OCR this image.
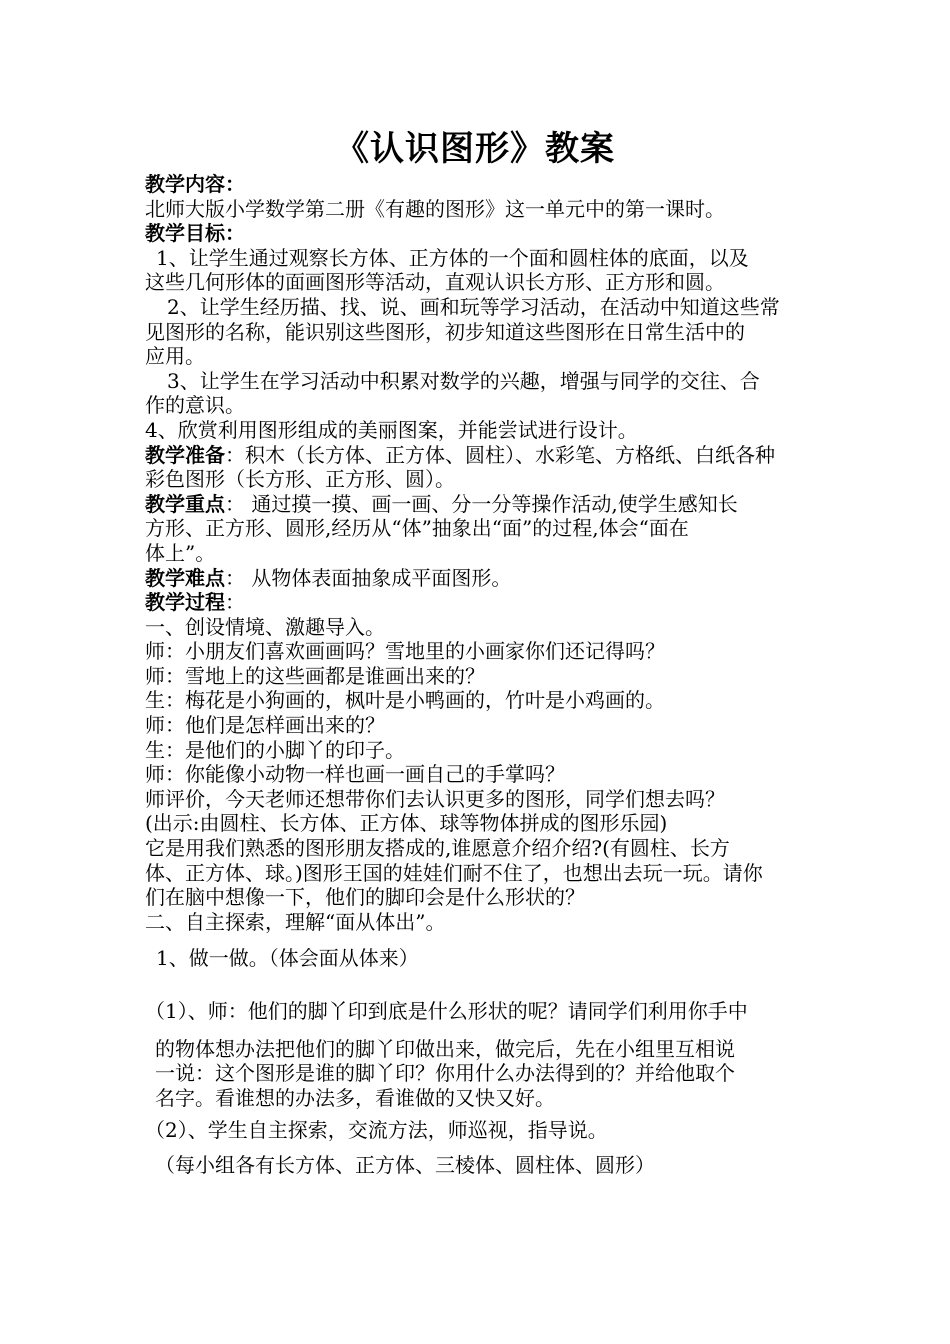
《认识图形》教案

教学内容：

北师大版小学数学第二册《有趣的图形》这一单元中的第一课时。

教学目标：

1、让学生通过观察长方体、正方体的一个面和圆柱体的底面，以及

这些几何形体的面画图形等活动，直观认识长方形、正方形和圆。

2、让学生经历描、找、说、画和玩等学习活动，在活动中知道这些常

见图形的名称，能识别这些图形，初步知道这些图形在日常生活中的

应用。

3、让学生在学习活动中积累对数学的兴趣，增强与同学的交往、合

作的意识。

4、欣赏利用图形组成的美丽图案，并能尝试进行设计。

教学准备：积木（长方体、正方体、圆柱）、水彩笔、方格纸、白纸各种

彩色图形（长方形、正方形、圆）。

教学重点： 通过摸一摸、画一画、分一分等操作活动,使学生感知长

方形、正方形、圆形,经历从“体”抽象出“面”的过程,体会“面在

体上”。

教学难点： 从物体表面抽象成平面图形。

教学过程：

一、创设情境、激趣导入。

师：小朋友们喜欢画画吗？雪地里的小画家你们还记得吗？

师：雪地上的这些画都是谁画出来的？

生：梅花是小狗画的，枫叶是小鸭画的，竹叶是小鸡画的。

师：他们是怎样画出来的？

生：是他们的小脚丫的印子。

师：你能像小动物一样也画一画自己的手掌吗？

师评价，今天老师还想带你们去认识更多的图形，同学们想去吗？

(出示:由圆柱、长方体、正方体、球等物体拼成的图形乐园)

它是用我们熟悉的图形朋友搭成的,谁愿意介绍介绍?(有圆柱、长方

体、正方体、球。)图形王国的娃娃们耐不住了，也想出去玩一玩。请你

们在脑中想像一下，他们的脚印会是什么形状的？

二、自主探索，理解“面从体出”。

1、做一做。（体会面从体来）

（1）、师：他们的脚丫印到底是什么形状的呢？请同学们利用你手中

的物体想办法把他们的脚丫印做出来，做完后，先在小组里互相说

一说：这个图形是谁的脚丫印？你用什么办法得到的？并给他取个

名字。看谁想的办法多，看谁做的又快又好。

（2）、学生自主探索，交流方法，师巡视，指导说。

（每小组各有长方体、正方体、三棱体、圆柱体、圆形）
